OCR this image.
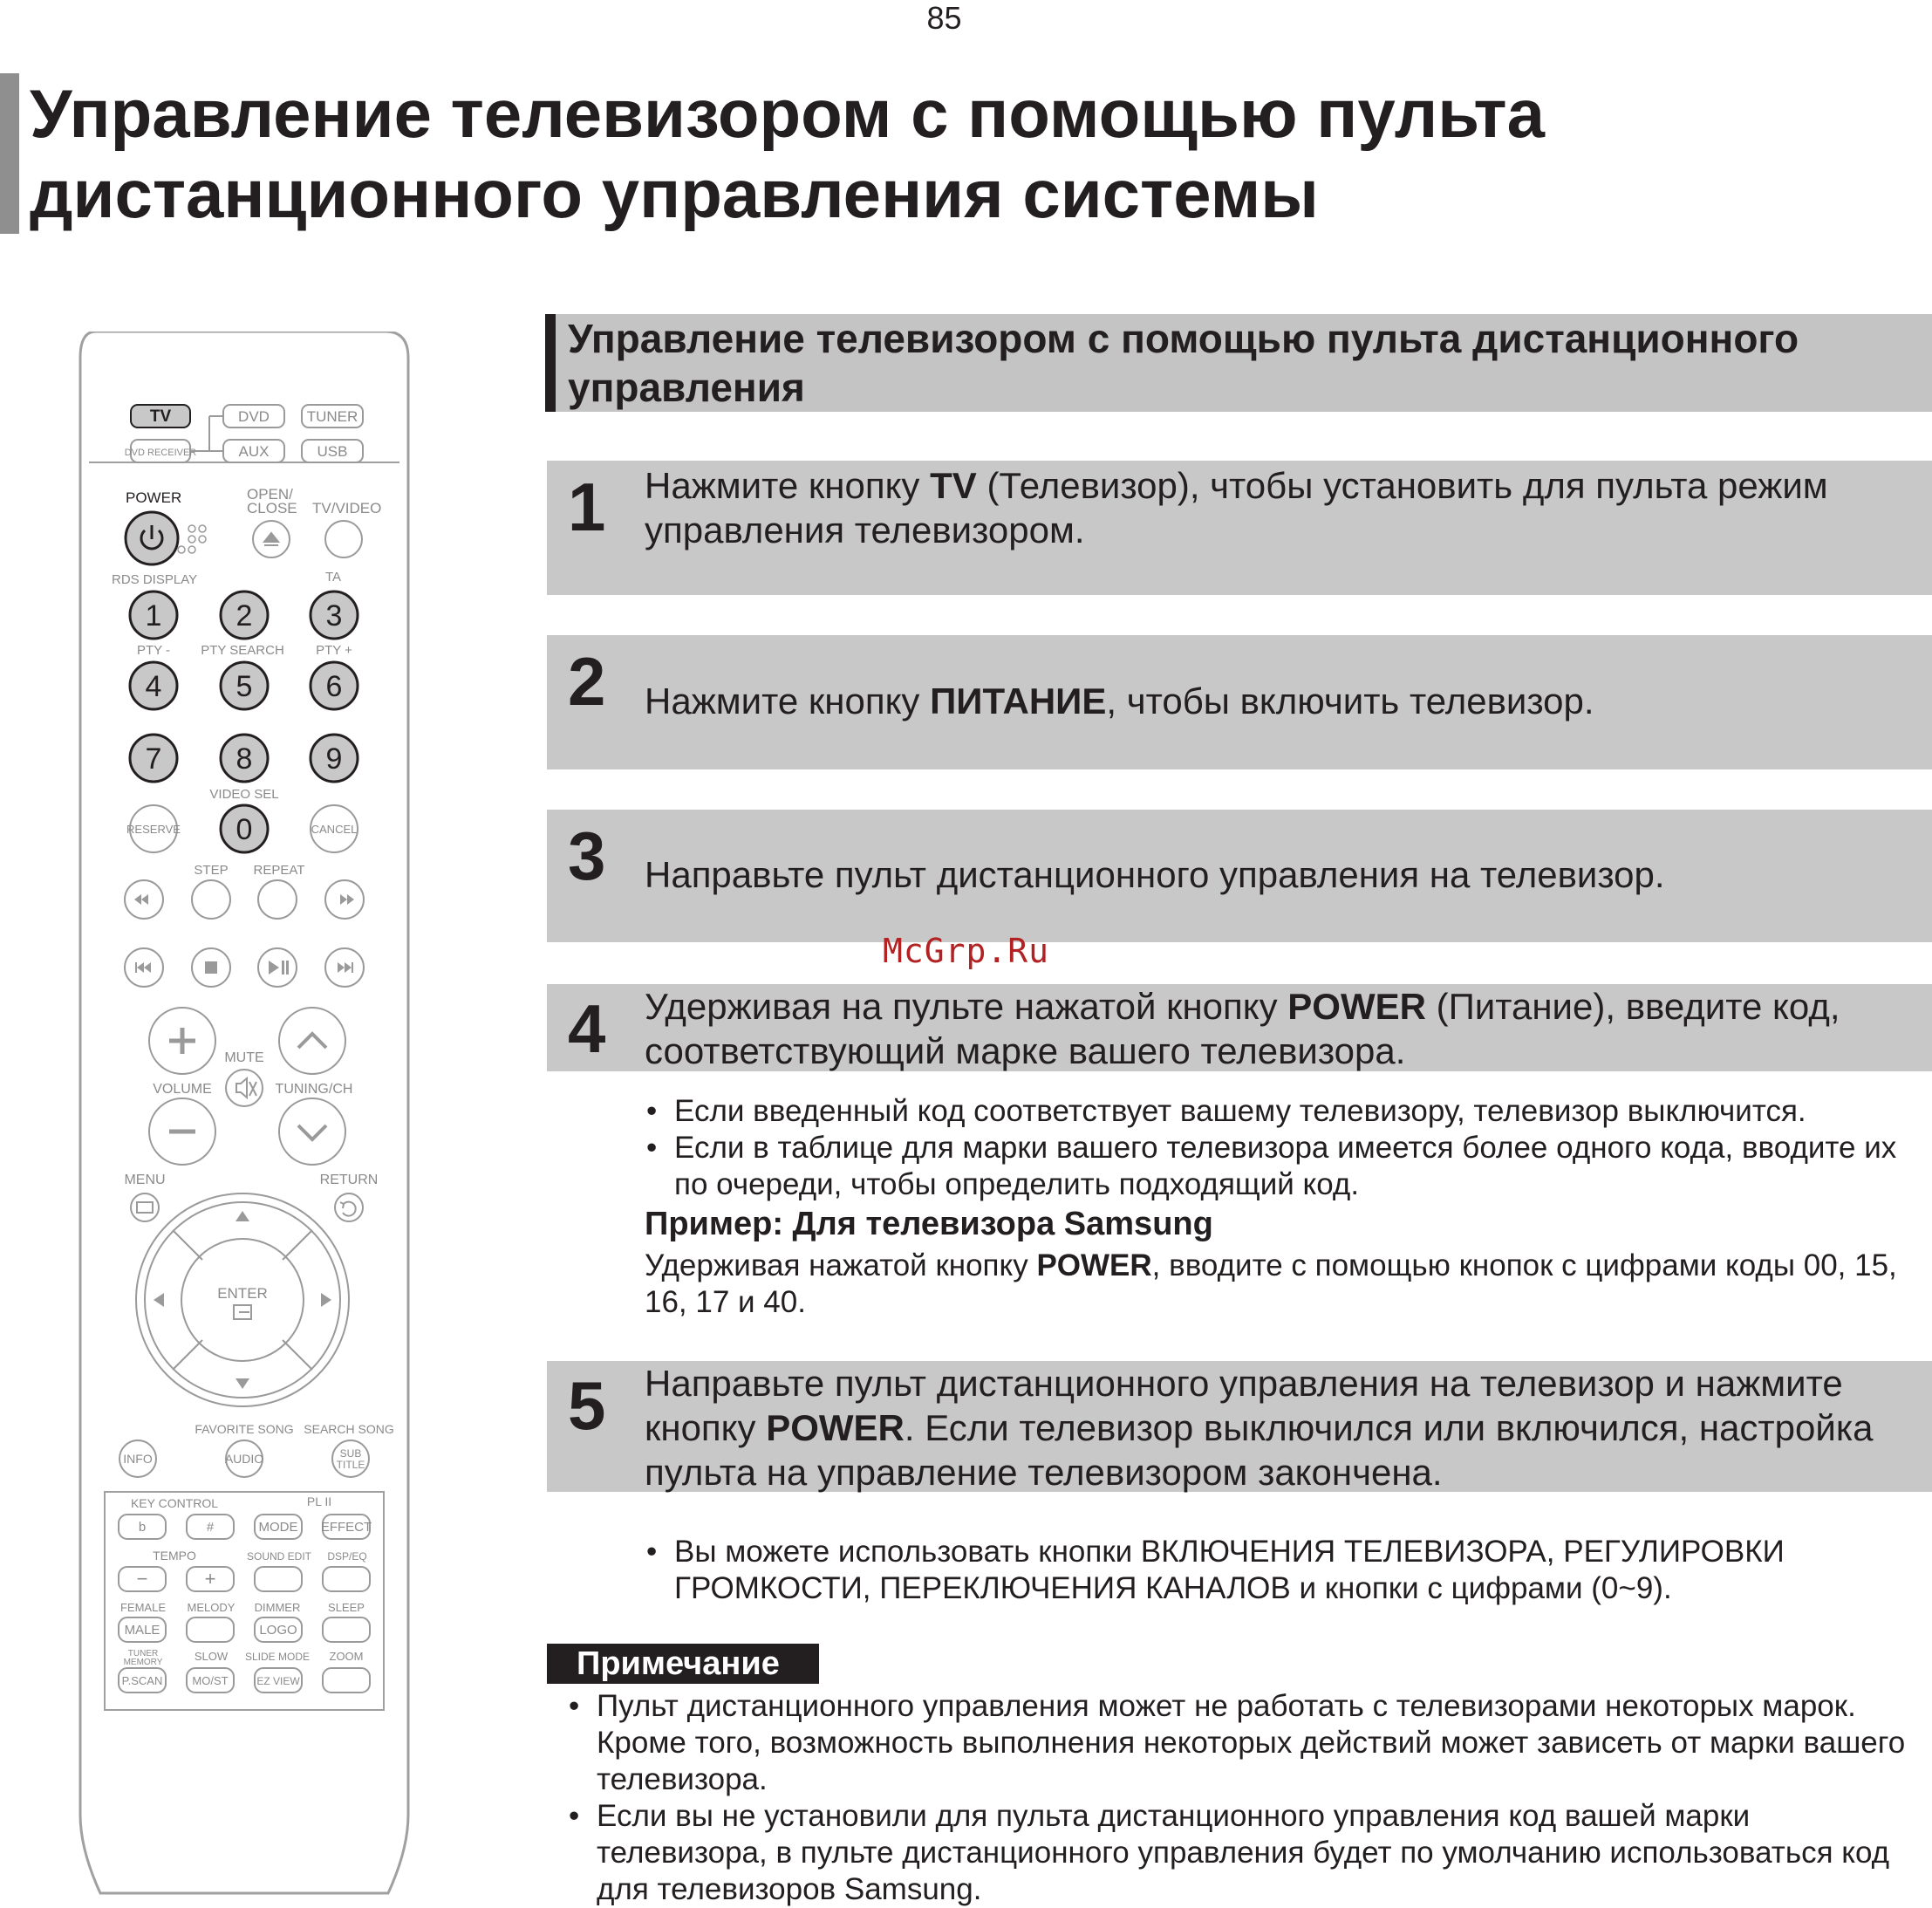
85
Управление телевизором с помощью пульта дистанционного управления системы
TV	DVD	TUNER
DVD RECEIVER	AUX	USB
POWER	OPEN/
CLOSE TV/VIDEO
RDS DISPLAY	TA
1	2 3
4	5 6
7	8 9
0
PTY - PTY SEARCH PTY +
VIDEO SEL
RESERVE	CANCEL
STEP REPEAT
MUTE
VOLUME	TUNING/CH
MENU	RETURN
ENTER
FAVORITE SONG SEARCH SONG
INFO	AUDIO	SUB
TITLE
KEY CONTROL	PL II
TEMPO	SOUND EDIT DSP/EQ
FEMALE MELODY DIMMER SLEEP
SLOW SLIDE MODE ZOOM
TUNER
MEMORY
b	#	MODE EFFECT
−	+
MALE	LOGO
P.SCAN	MO/ST	EZ VIEW
Управление телевизором с помощью пульта дистанционного управления
1 Нажмите кнопку TV (Телевизор), чтобы установить для пульта режим управления телевизором.
2 Нажмите кнопку ПИТАНИЕ, чтобы включить телевизор.
3 Направьте пульт дистанционного управления на телевизор.
4 Удерживая на пульте нажатой кнопку POWER (Питание), введите код, соответствующий марке вашего телевизора.
• Если введенный код соответствует вашему телевизору, телевизор выключится.
• Если в таблице для марки вашего телевизора имеется более одного кода, вводите их по очереди, чтобы определить подходящий код.
Пример: Для телевизора Samsung
Удерживая нажатой кнопку POWER, вводите с помощью кнопок с цифрами коды 00, 15, 16, 17 и 40.
5 Направьте пульт дистанционного управления на телевизор и нажмите кнопку POWER. Если телевизор выключился или включился, настройка пульта на управление телевизором закончена.
• Вы можете использовать кнопки ВКЛЮЧЕНИЯ ТЕЛЕВИЗОРА, РЕГУЛИРОВКИ ГРОМКОСТИ, ПЕРЕКЛЮЧЕНИЯ КАНАЛОВ и кнопки с цифрами (0~9).
Примечание
• Пульт дистанционного управления может не работать с телевизорами некоторых марок. Кроме того, возможность выполнения некоторых действий может зависеть от марки вашего телевизора.
• Если вы не установили для пульта дистанционного управления код вашей марки телевизора, в пульте дистанционного управления будет по умолчанию использоваться код для телевизоров Samsung.
McGrp.Ru
